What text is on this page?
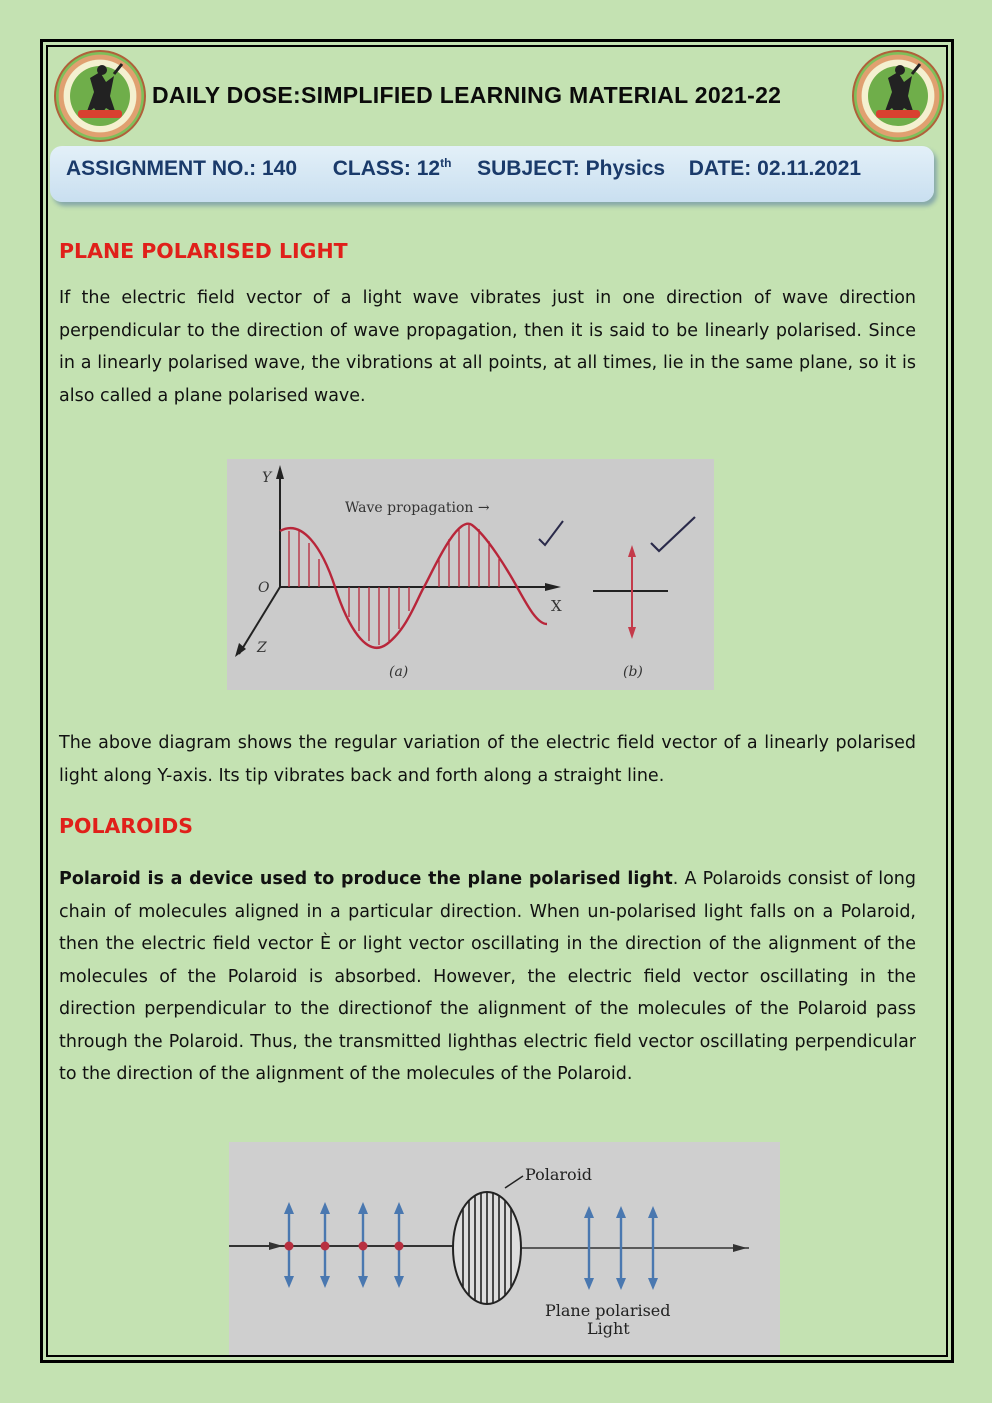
DAILY DOSE:SIMPLIFIED LEARNING MATERIAL 2021-22
ASSIGNMENT NO.: 140 CLASS: 12th SUBJECT: Physics DATE: 02.11.2021
PLANE POLARISED LIGHT
If the electric field vector of a light wave vibrates just in one direction of wave direction perpendicular to the direction of wave propagation, then it is said to be linearly polarised. Since in a linearly polarised wave, the vibrations at all points, at all times, lie in the same plane, so it is also called a plane polarised wave.
Y
X
O
Z
Wave propagation →
(a)	(b)
The above diagram shows the regular variation of the electric field vector of a linearly polarised light along Y-axis. Its tip vibrates back and forth along a straight line.
POLAROIDS
Polaroid is a device used to produce the plane polarised light. A Polaroids consist of long chain of molecules aligned in a particular direction. When un-polarised light falls on a Polaroid, then the electric field vector È or light vector oscillating in the direction of the alignment of the molecules of the Polaroid is absorbed. However, the electric field vector oscillating in the direction perpendicular to the directionof the alignment of the molecules of the Polaroid pass through the Polaroid. Thus, the transmitted lighthas electric field vector oscillating perpendicular to the direction of the alignment of the molecules of the Polaroid.
Polaroid
Plane polarised
Light
